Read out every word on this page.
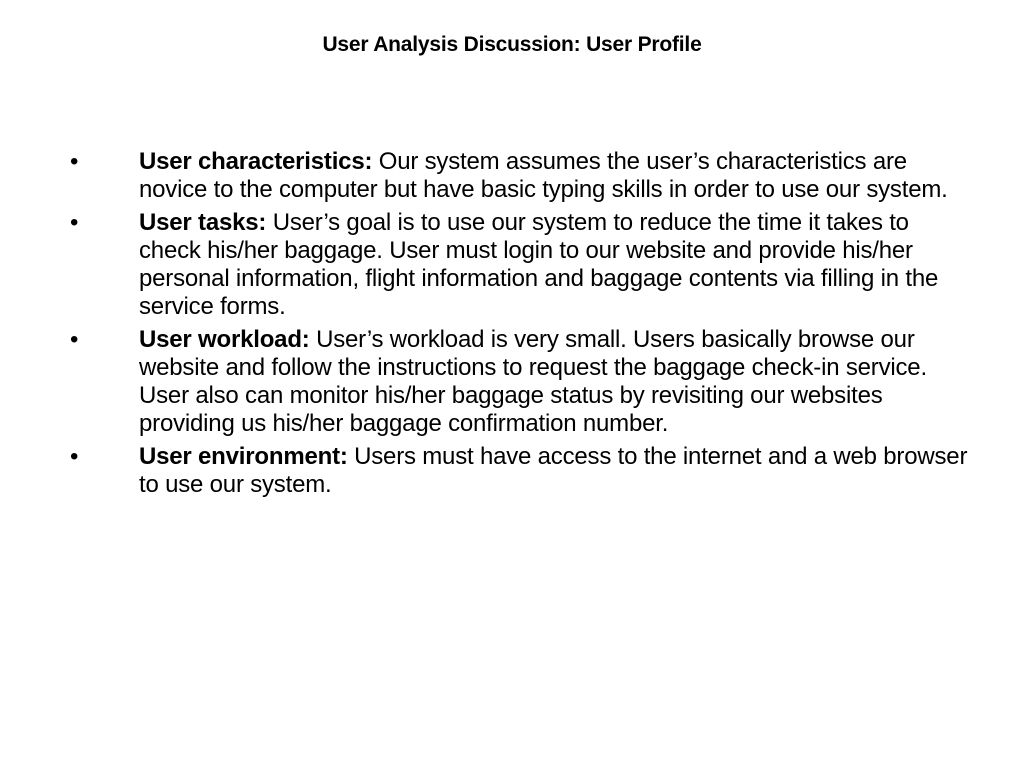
User Analysis Discussion: User Profile
•	User characteristics: Our system assumes the user’s characteristics are novice to the computer but have basic typing skills in order to use our system.
•	User tasks: User’s goal is to use our system to reduce the time it takes to check his/her baggage. User must login to our website and provide his/her personal information, flight information and baggage contents via filling in the service forms.
•	User workload: User’s workload is very small. Users basically browse our website and follow the instructions to request the baggage check-in service. User also can monitor his/her baggage status by revisiting our websites providing us his/her baggage confirmation number.
•	User environment: Users must have access to the internet and a web browser to use our system.
